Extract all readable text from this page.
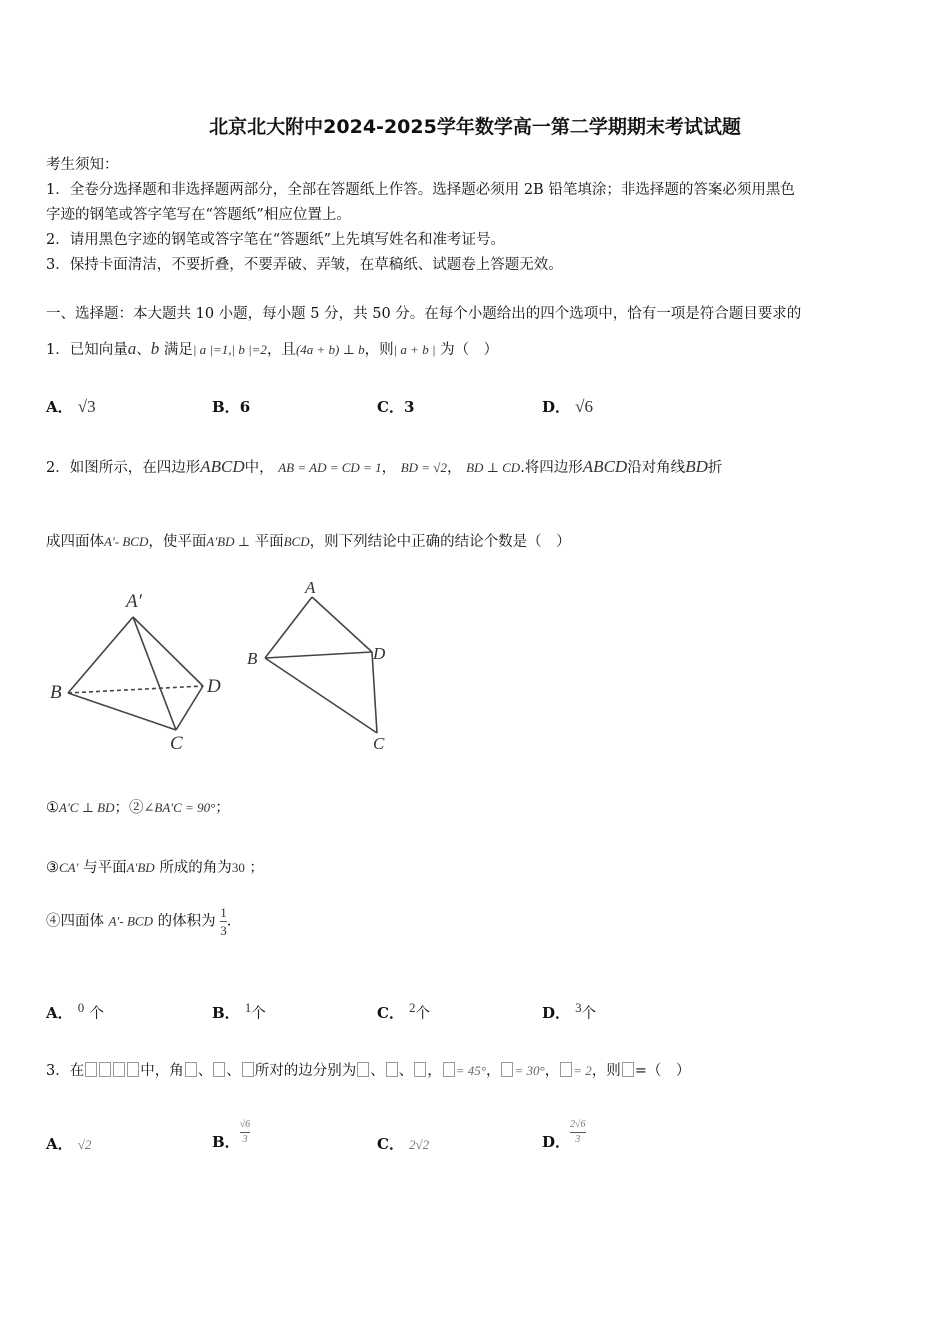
北京北大附中2024-2025学年数学高一第二学期期末考试试题
考生须知：
1．全卷分选择题和非选择题两部分，全部在答题纸上作答。选择题必须用 2B 铅笔填涂；非选择题的答案必须用黑色
字迹的钢笔或答字笔写在“答题纸”相应位置上。
2．请用黑色字迹的钢笔或答字笔在“答题纸”上先填写姓名和准考证号。
3．保持卡面清洁，不要折叠，不要弄破、弄皱，在草稿纸、试题卷上答题无效。
一、选择题：本大题共 10 小题，每小题 5 分，共 50 分。在每个小题给出的四个选项中，恰有一项是符合题目要求的
1．已知向量a、b 满足| a |=1,| b |=2，且(4a + b) ⊥ b，则| a + b | 为（　）
A． √3	B．6	C．3	D． √6
2．如图所示，在四边形ABCD中， AB = AD = CD = 1， BD = √2， BD ⊥ CD.将四边形ABCD沿对角线BD折
成四面体A′- BCD，使平面A′BD ⊥ 平面BCD，则下列结论中正确的结论个数是（　）
A′
B
C
D
A
B
C
D
①A′C ⊥ BD；②∠BA′C = 90°；
③CA′ 与平面A′BD 所成的角为30 ；
④四面体 A′- BCD 的体积为 $\frac{1}{3}$ .
A． $^0$ 个	B． $^1$个	C． $^2$个	D． $^3$个
3．在	中，角 、 、 所对的边分别为 、 、 ， = 45°， = 30°， = 2，则 =（　）
A． √2	B． $\frac{√6}{3}$	C． 2√2	D． $\frac{2√6}{3}$
